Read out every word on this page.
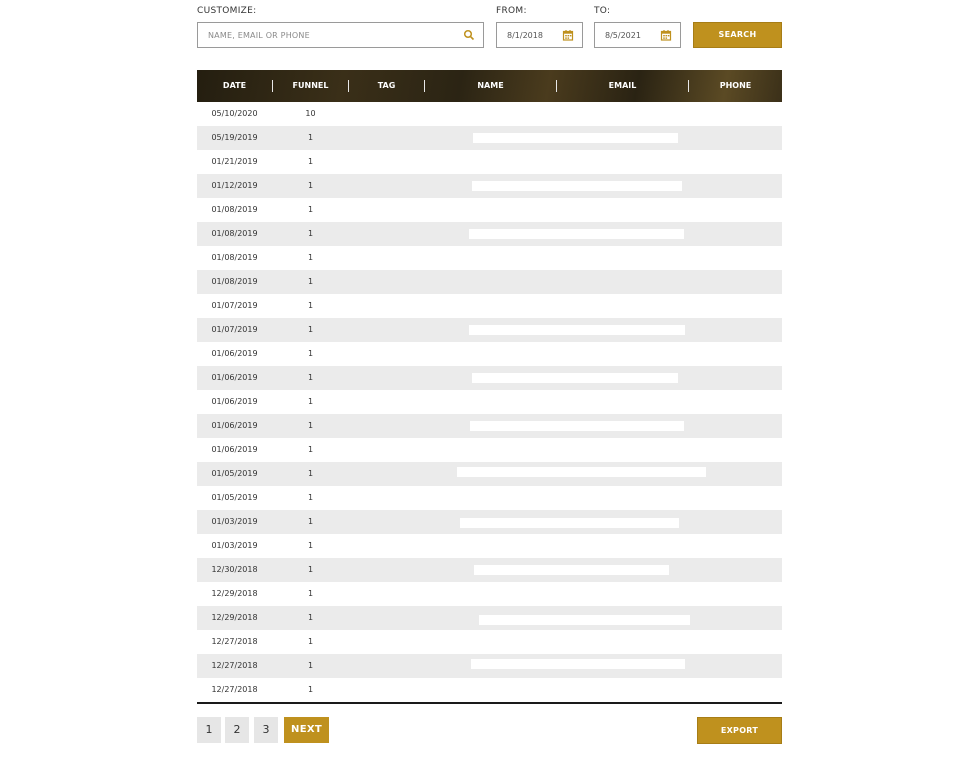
CUSTOMIZE:
NAME, EMAIL OR PHONE
FROM:
8/1/2018
TO:
8/5/2021	SEARCH
DATE	FUNNEL	TAG	NAME	EMAIL	PHONE
05/10/2020	10
05/19/2019	1
01/21/2019	1
01/12/2019	1
01/08/2019	1
01/08/2019	1
01/08/2019	1
01/08/2019	1
01/07/2019	1
01/07/2019	1
01/06/2019	1
01/06/2019	1
01/06/2019	1
01/06/2019	1
01/06/2019	1
01/05/2019	1
01/05/2019	1
01/03/2019	1
01/03/2019	1
12/30/2018	1
12/29/2018	1
12/29/2018	1
12/27/2018	1
12/27/2018	1
12/27/2018	1
1	2	3	NEXT	EXPORT
